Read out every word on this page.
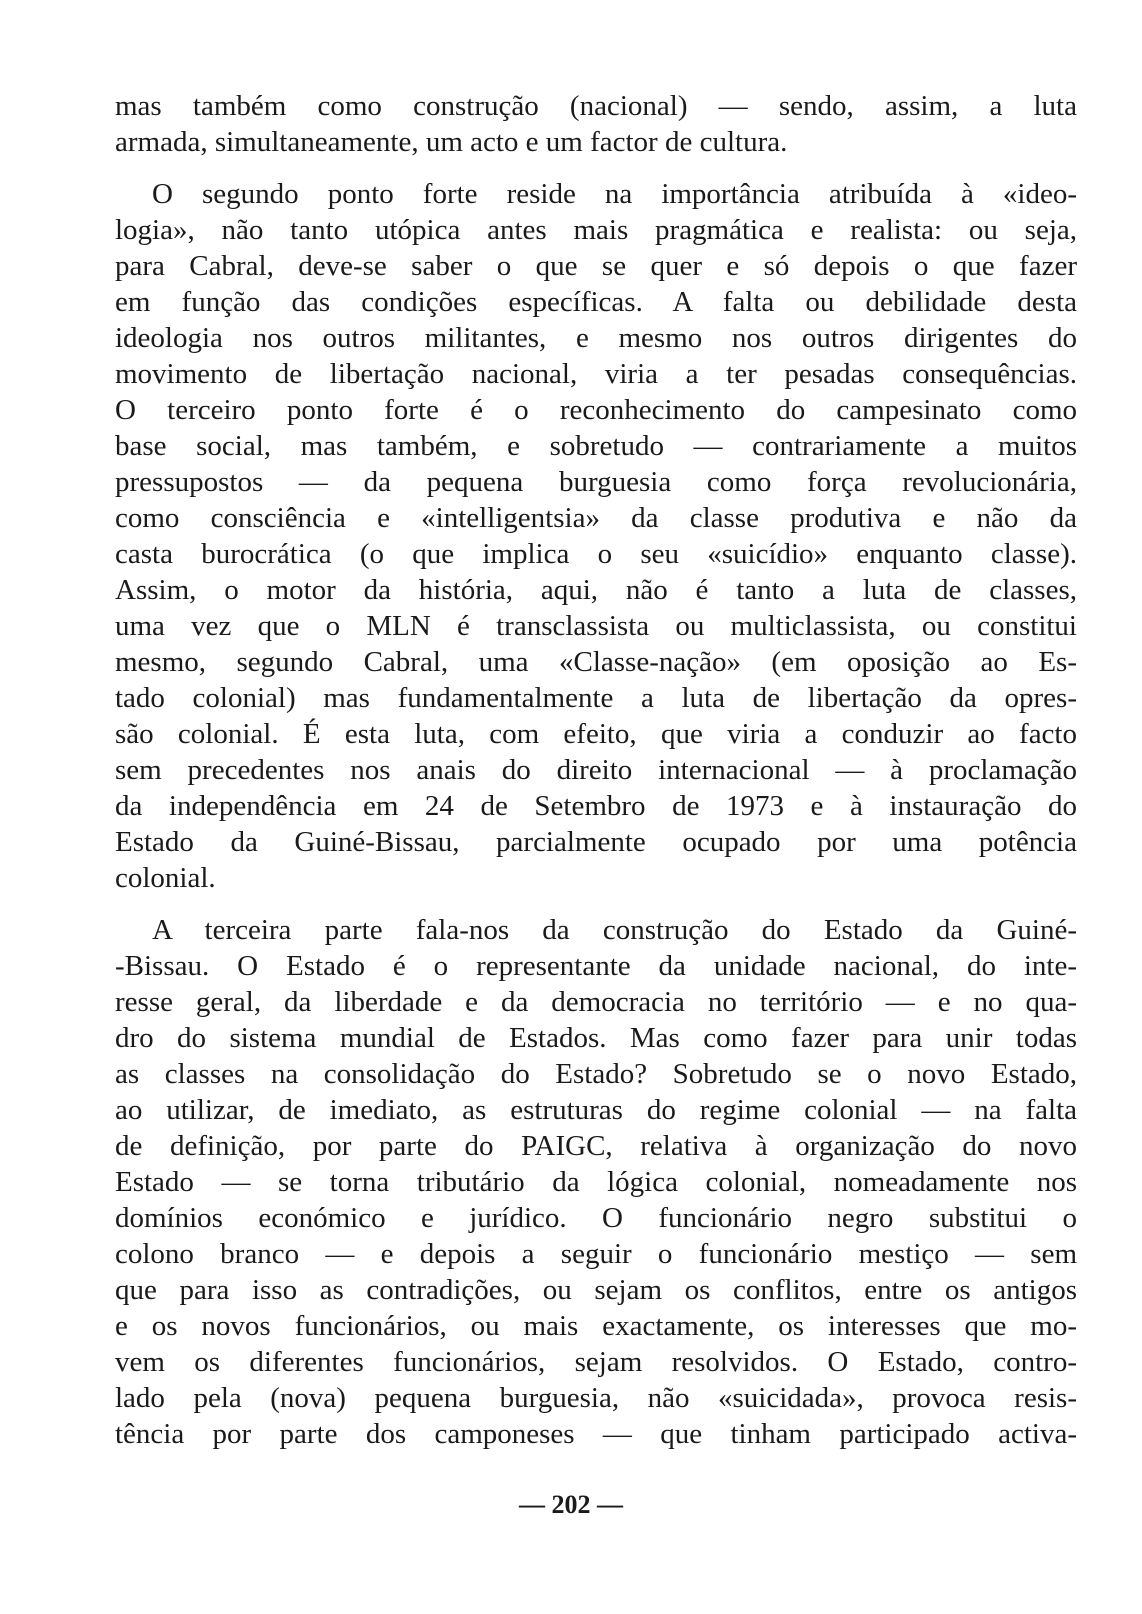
mas também como construção (nacional) — sendo, assim, a luta
armada, simultaneamente, um acto e um factor de cultura.
O segundo ponto forte reside na importância atribuída à «ideo-
logia», não tanto utópica antes mais pragmática e realista: ou seja,
para Cabral, deve-se saber o que se quer e só depois o que fazer
em função das condições específicas. A falta ou debilidade desta
ideologia nos outros militantes, e mesmo nos outros dirigentes do
movimento de libertação nacional, viria a ter pesadas consequências.
O terceiro ponto forte é o reconhecimento do campesinato como
base social, mas também, e sobretudo — contrariamente a muitos
pressupostos — da pequena burguesia como força revolucionária,
como consciência e «intelligentsia» da classe produtiva e não da
casta burocrática (o que implica o seu «suicídio» enquanto classe).
Assim, o motor da história, aqui, não é tanto a luta de classes,
uma vez que o MLN é transclassista ou multiclassista, ou constitui
mesmo, segundo Cabral, uma «Classe-nação» (em oposição ao Es-
tado colonial) mas fundamentalmente a luta de libertação da opres-
são colonial. É esta luta, com efeito, que viria a conduzir ao facto
sem precedentes nos anais do direito internacional — à proclamação
da independência em 24 de Setembro de 1973 e à instauração do
Estado da Guiné-Bissau, parcialmente ocupado por uma potência
colonial.
A terceira parte fala-nos da construção do Estado da Guiné-
-Bissau. O Estado é o representante da unidade nacional, do inte-
resse geral, da liberdade e da democracia no território — e no qua-
dro do sistema mundial de Estados. Mas como fazer para unir todas
as classes na consolidação do Estado? Sobretudo se o novo Estado,
ao utilizar, de imediato, as estruturas do regime colonial — na falta
de definição, por parte do PAIGC, relativa à organização do novo
Estado — se torna tributário da lógica colonial, nomeadamente nos
domínios económico e jurídico. O funcionário negro substitui o
colono branco — e depois a seguir o funcionário mestiço — sem
que para isso as contradições, ou sejam os conflitos, entre os antigos
e os novos funcionários, ou mais exactamente, os interesses que mo-
vem os diferentes funcionários, sejam resolvidos. O Estado, contro-
lado pela (nova) pequena burguesia, não «suicidada», provoca resis-
tência por parte dos camponeses — que tinham participado activa-
— 202 —
